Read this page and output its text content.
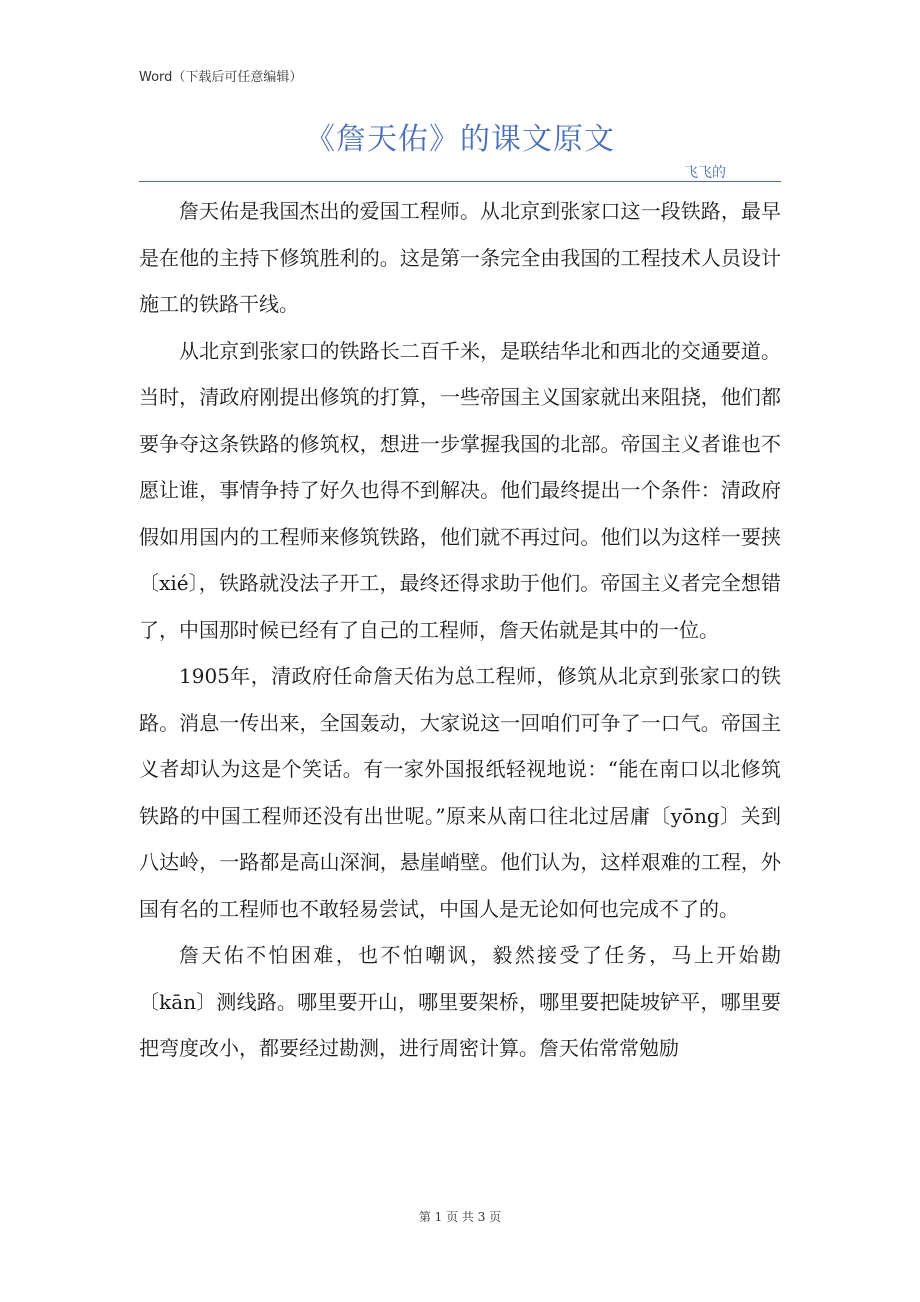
Word（下载后可任意编辑）
《詹天佑》的课文原文
飞飞的

詹天佑是我国杰出的爱国工程师。从北京到张家口这一段铁路，最早是在他的主持下修筑胜利的。这是第一条完全由我国的工程技术人员设计施工的铁路干线。

从北京到张家口的铁路长二百千米，是联结华北和西北的交通要道。当时，清政府刚提出修筑的打算，一些帝国主义国家就出来阻挠，他们都要争夺这条铁路的修筑权，想进一步掌握我国的北部。帝国主义者谁也不愿让谁，事情争持了好久也得不到解决。他们最终提出一个条件：清政府假如用国内的工程师来修筑铁路，他们就不再过问。他们以为这样一要挟〔xié〕，铁路就没法子开工，最终还得求助于他们。帝国主义者完全想错了，中国那时候已经有了自己的工程师，詹天佑就是其中的一位。

1905年，清政府任命詹天佑为总工程师，修筑从北京到张家口的铁路。消息一传出来，全国轰动，大家说这一回咱们可争了一口气。帝国主义者却认为这是个笑话。有一家外国报纸轻视地说：“能在南口以北修筑铁路的中国工程师还没有出世呢。”原来从南口往北过居庸〔yōng〕关到八达岭，一路都是高山深涧，悬崖峭壁。他们认为，这样艰难的工程，外国有名的工程师也不敢轻易尝试，中国人是无论如何也完成不了的。

詹天佑不怕困难，也不怕嘲讽，毅然接受了任务，马上开始勘〔kān〕测线路。哪里要开山，哪里要架桥，哪里要把陡坡铲平，哪里要把弯度改小，都要经过勘测，进行周密计算。詹天佑常常勉励

第 1 页 共 3 页
